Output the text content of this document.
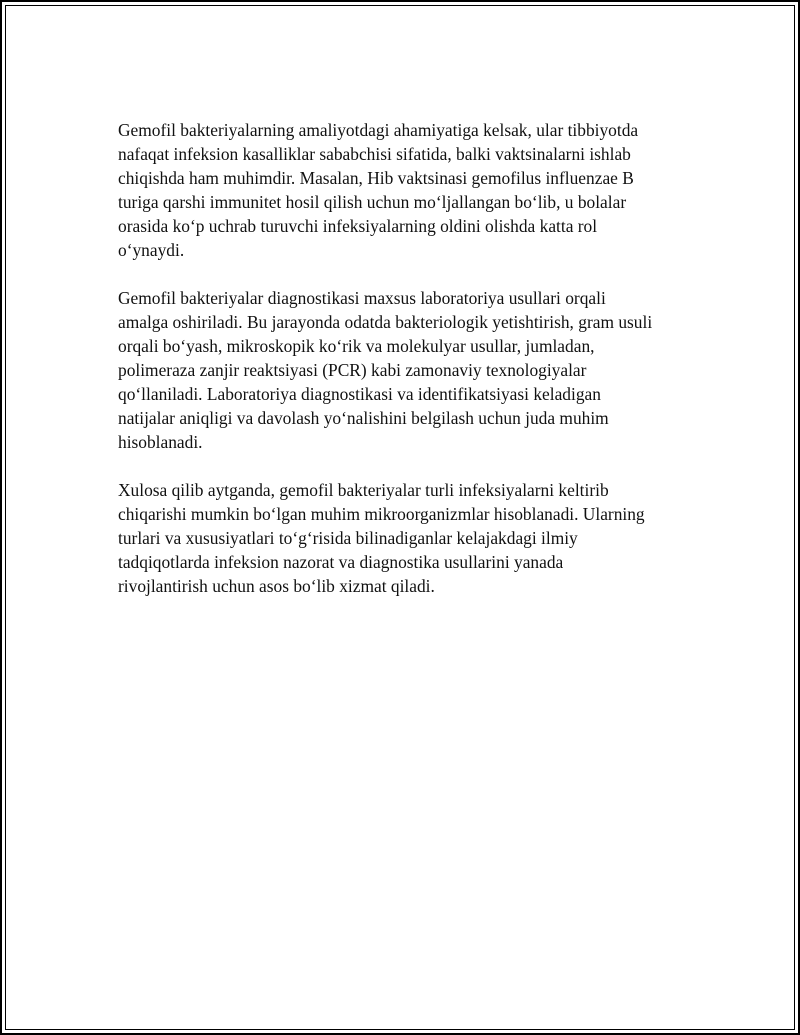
Gemofil bakteriyalarning amaliyotdagi ahamiyatiga kelsak, ular tibbiyotda
nafaqat infeksion kasalliklar sababchisi sifatida, balki vaktsinalarni ishlab
chiqishda ham muhimdir. Masalan, Hib vaktsinasi gemofilus influenzae B
turiga qarshi immunitet hosil qilish uchun moʻljallangan boʻlib, u bolalar
orasida koʻp uchrab turuvchi infeksiyalarning oldini olishda katta rol
oʻynaydi.

Gemofil bakteriyalar diagnostikasi maxsus laboratoriya usullari orqali
amalga oshiriladi. Bu jarayonda odatda bakteriologik yetishtirish, gram usuli
orqali boʻyash, mikroskopik koʻrik va molekulyar usullar, jumladan,
polimeraza zanjir reaktsiyasi (PCR) kabi zamonaviy texnologiyalar
qoʻllaniladi. Laboratoriya diagnostikasi va identifikatsiyasi keladigan
natijalar aniqligi va davolash yoʻnalishini belgilash uchun juda muhim
hisoblanadi.

Xulosa qilib aytganda, gemofil bakteriyalar turli infeksiyalarni keltirib
chiqarishi mumkin boʻlgan muhim mikroorganizmlar hisoblanadi. Ularning
turlari va xususiyatlari toʻgʻrisida bilinadiganlar kelajakdagi ilmiy
tadqiqotlarda infeksion nazorat va diagnostika usullarini yanada
rivojlantirish uchun asos boʻlib xizmat qiladi.
